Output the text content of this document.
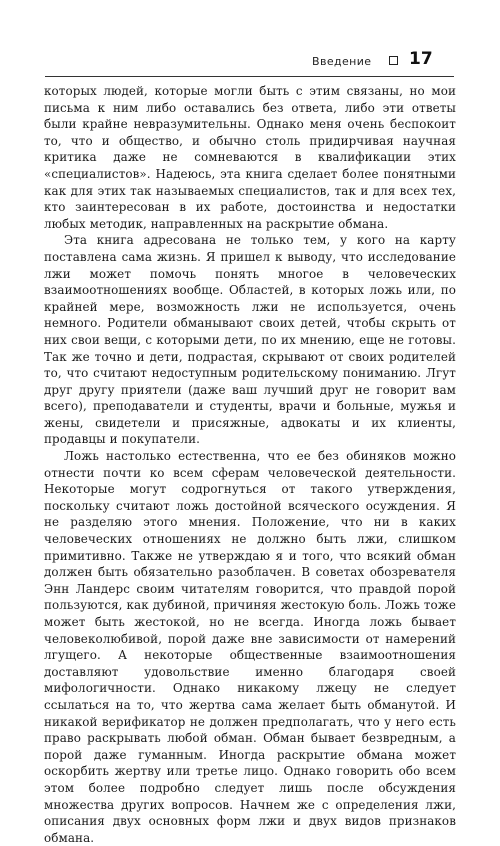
Введение 17

которых людей, которые могли быть с этим связаны, но мои письма к ним либо оставались без ответа, либо эти ответы были крайне невразумительны. Однако меня очень беспокоит то, что и общество, и обычно столь придирчивая научная критика даже не сомневаются в квалификации этих «специалистов». Надеюсь, эта книга сделает более понятными как для этих так называемых специалистов, так и для всех тех, кто заинтересован в их работе, достоинства и недостатки любых методик, направленных на раскрытие обмана.

Эта книга адресована не только тем, у кого на карту поставлена сама жизнь. Я пришел к выводу, что исследование лжи может помочь понять многое в человеческих взаимоотношениях вообще. Областей, в которых ложь или, по крайней мере, возможность лжи не используется, очень немного. Родители обманывают своих детей, чтобы скрыть от них свои вещи, с которыми дети, по их мнению, еще не готовы. Так же точно и дети, подрастая, скрывают от своих родителей то, что считают недоступным родительскому пониманию. Лгут друг другу приятели (даже ваш лучший друг не говорит вам всего), преподаватели и студенты, врачи и больные, мужья и жены, свидетели и присяжные, адвокаты и их клиенты, продавцы и покупатели.

Ложь настолько естественна, что ее без обиняков можно отнести почти ко всем сферам человеческой деятельности. Некоторые могут содрогнуться от такого утверждения, поскольку считают ложь достойной всяческого осуждения. Я не разделяю этого мнения. Положение, что ни в каких человеческих отношениях не должно быть лжи, слишком примитивно. Также не утверждаю я и того, что всякий обман должен быть обязательно разоблачен. В советах обозревателя Энн Ландерс своим читателям говорится, что правдой порой пользуются, как дубиной, причиняя жестокую боль. Ложь тоже может быть жестокой, но не всегда. Иногда ложь бывает человеколюбивой, порой даже вне зависимости от намерений лгущего. А некоторые общественные взаимоотношения доставляют удовольствие именно благодаря своей мифологичности. Однако никакому лжецу не следует ссылаться на то, что жертва сама желает быть обманутой. И никакой верификатор не должен предполагать, что у него есть право раскрывать любой обман. Обман бывает безвредным, а порой даже гуманным. Иногда раскрытие обмана может оскорбить жертву или третье лицо. Однако говорить обо всем этом более подробно следует лишь после обсуждения множества других вопросов. Начнем же с определения лжи, описания двух основных форм лжи и двух видов признаков обмана.
